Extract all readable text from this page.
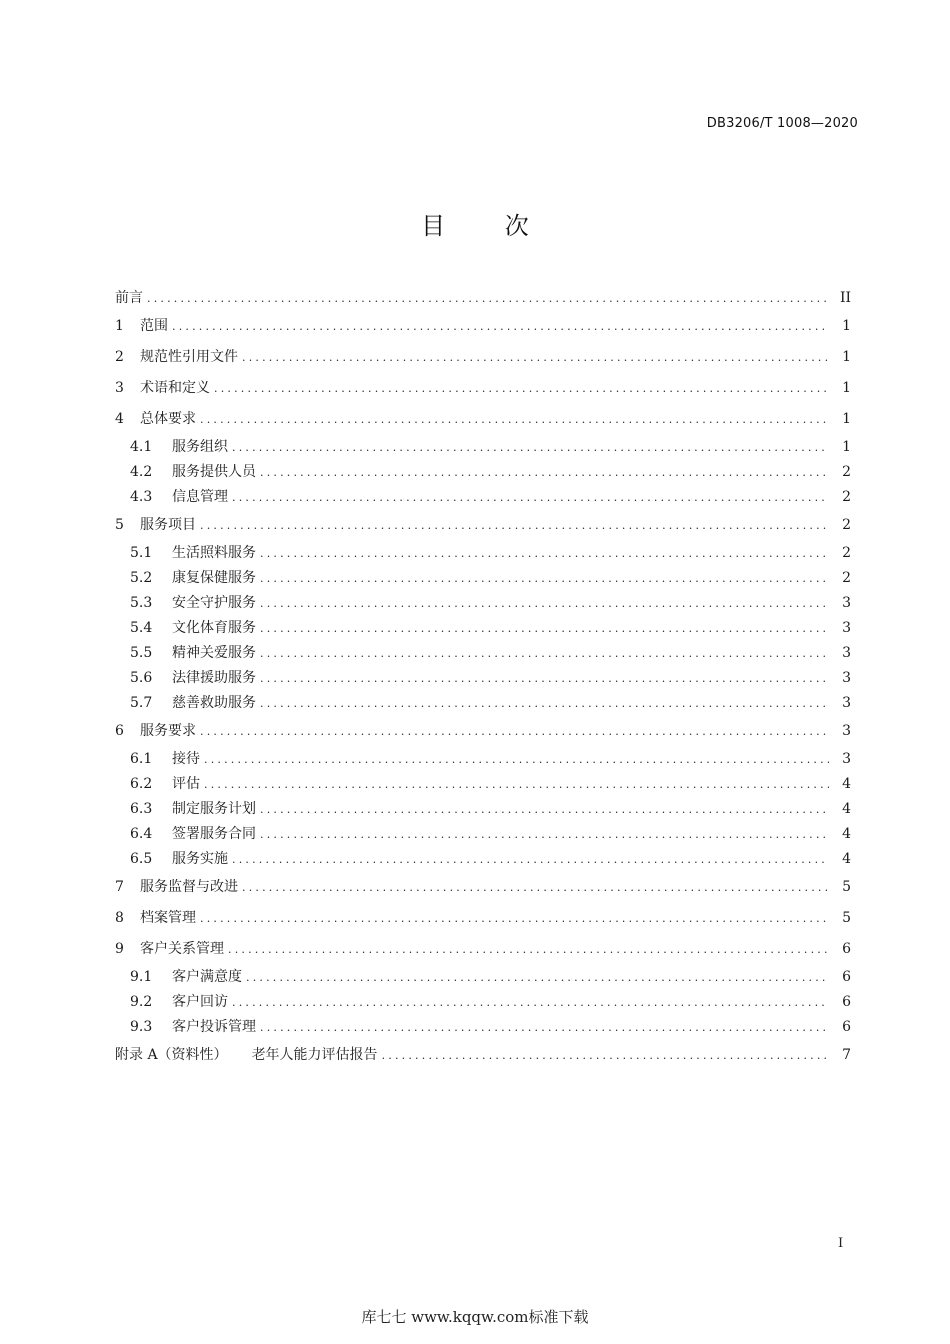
DB3206/T 1008—2020
目 次
前言 .....	II
1	范围 .....	1
2	规范性引用文件 .....	1
3	术语和定义 .....	1
4	总体要求 .....	1
4.1	服务组织 .....	1
4.2	服务提供人员 .....	2
4.3	信息管理 .....	2
5	服务项目 .....	2
5.1	生活照料服务 .....	2
5.2	康复保健服务 .....	2
5.3	安全守护服务 .....	3
5.4	文化体育服务 .....	3
5.5	精神关爱服务 .....	3
5.6	法律援助服务 .....	3
5.7	慈善救助服务 .....	3
6	服务要求 .....	3
6.1	接待 .....	3
6.2	评估 .....	4
6.3	制定服务计划 .....	4
6.4	签署服务合同 .....	4
6.5	服务实施 .....	4
7	服务监督与改进 .....	5
8	档案管理 .....	5
9	客户关系管理 .....	6
9.1	客户满意度 .....	6
9.2	客户回访 .....	6
9.3	客户投诉管理 .....	6
附录 A（资料性） 老年人能力评估报告 .....	7
I
库七七 www.kqqw.com标准下载
